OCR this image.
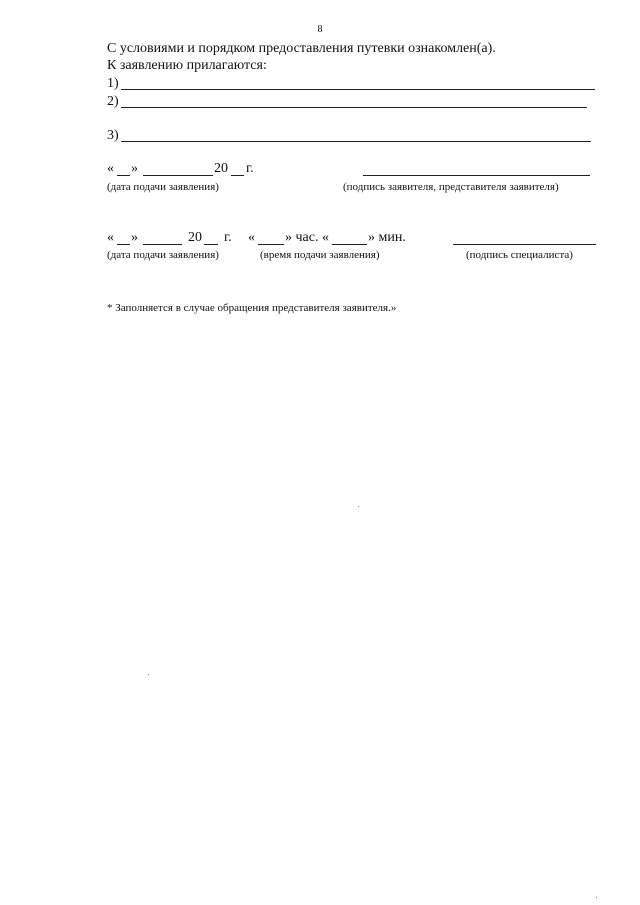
8
С условиями и порядком предоставления путевки ознакомлен(а).
К заявлению прилагаются:
1)
2)
3)
« »	20 г.
(дата подачи заявления)	(подпись заявителя, представителя заявителя)
« »	20 г. « » час. «	» мин.
(дата подачи заявления)	(время подачи заявления)	(подпись специалиста)
* Заполняется в случае обращения представителя заявителя.»
